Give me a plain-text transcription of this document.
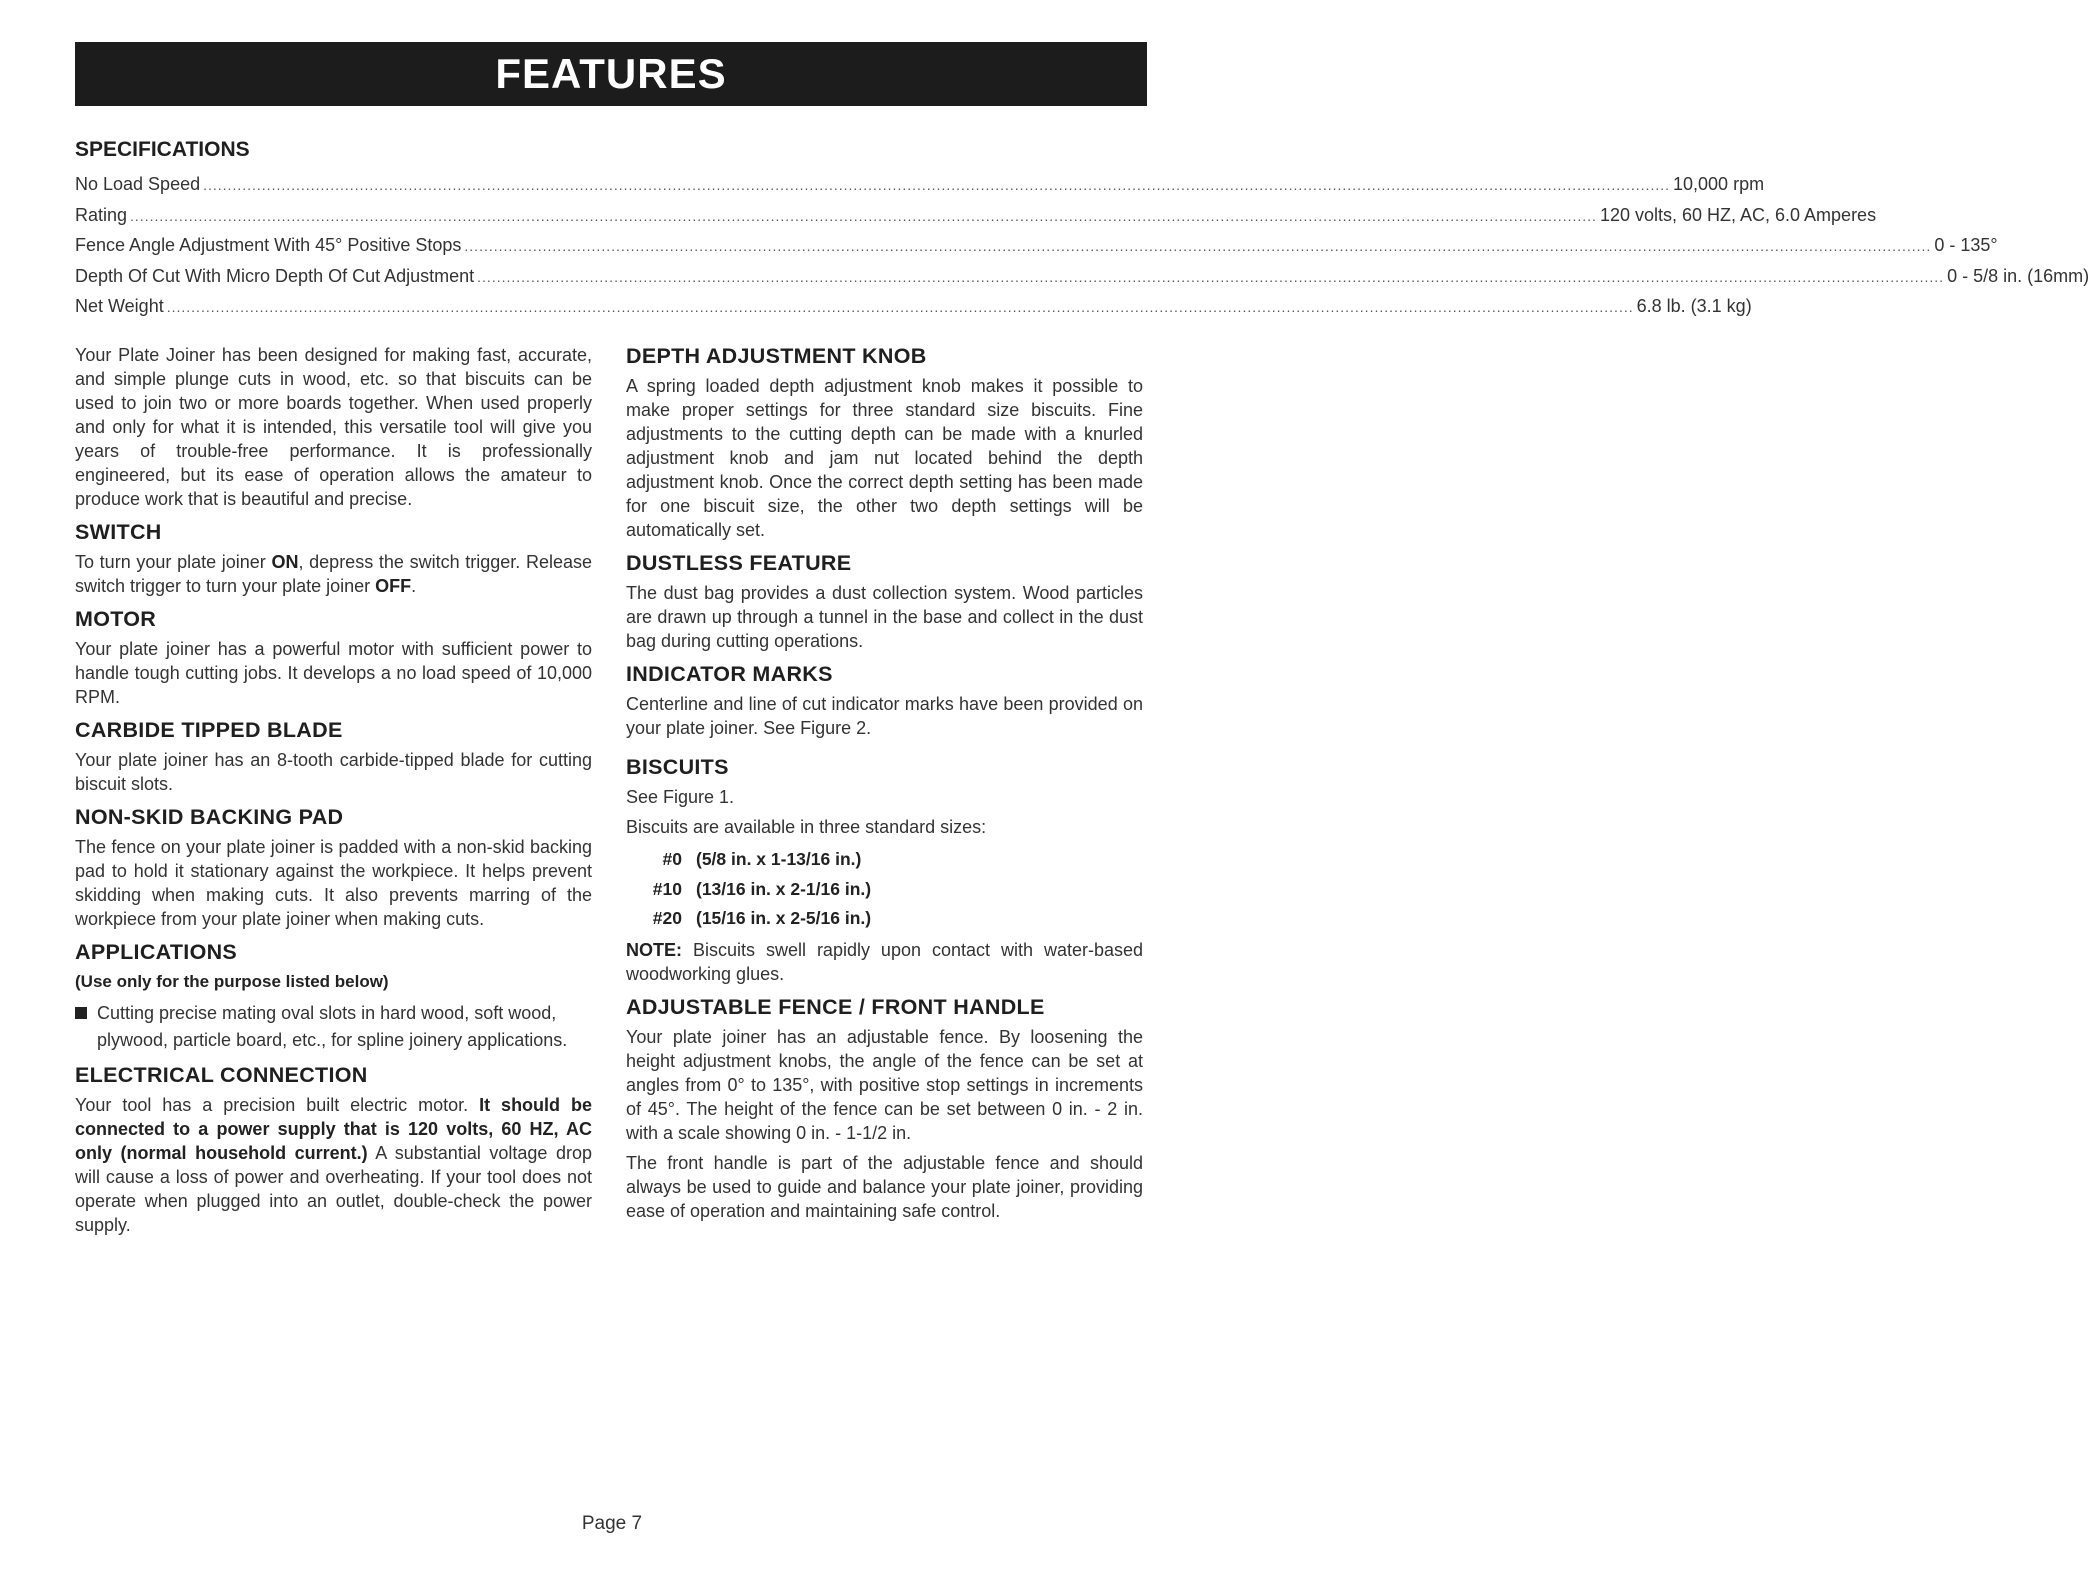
FEATURES
SPECIFICATIONS
No Load Speed ............................................................................................................................................................................................................................................................................................................ 10,000 rpm
Rating ............................................................................................................................................................................................................................................................................................................ 120 volts, 60 HZ, AC, 6.0 Amperes
Fence Angle Adjustment With 45° Positive Stops ............................................................................................................................................................................................................................................................................................................ 0 - 135°
Depth Of Cut With Micro Depth Of Cut Adjustment ............................................................................................................................................................................................................................................................................................................ 0 - 5/8 in. (16mm)
Net Weight ............................................................................................................................................................................................................................................................................................................ 6.8 lb. (3.1 kg)

Your Plate Joiner has been designed for making fast, accurate, and simple plunge cuts in wood, etc. so that biscuits can be used to join two or more boards together. When used properly and only for what it is intended, this versatile tool will give you years of trouble-free performance. It is professionally engineered, but its ease of operation allows the amateur to produce work that is beautiful and precise.

SWITCH

To turn your plate joiner ON, depress the switch trigger. Release switch trigger to turn your plate joiner OFF.

MOTOR

Your plate joiner has a powerful motor with sufficient power to handle tough cutting jobs. It develops a no load speed of 10,000 RPM.

CARBIDE TIPPED BLADE

Your plate joiner has an 8-tooth carbide-tipped blade for cutting biscuit slots.

NON-SKID BACKING PAD

The fence on your plate joiner is padded with a non-skid backing pad to hold it stationary against the workpiece. It helps prevent skidding when making cuts. It also prevents marring of the workpiece from your plate joiner when making cuts.

APPLICATIONS
(Use only for the purpose listed below)
Cutting precise mating oval slots in hard wood, soft wood, plywood, particle board, etc., for spline joinery applications.
ELECTRICAL CONNECTION

Your tool has a precision built electric motor. It should be connected to a power supply that is 120 volts, 60 HZ, AC only (normal household current.) A substantial voltage drop will cause a loss of power and overheating. If your tool does not operate when plugged into an outlet, double-check the power supply.

DEPTH ADJUSTMENT KNOB

A spring loaded depth adjustment knob makes it possible to make proper settings for three standard size biscuits. Fine adjustments to the cutting depth can be made with a knurled adjustment knob and jam nut located behind the depth adjustment knob. Once the correct depth setting has been made for one biscuit size, the other two depth settings will be automatically set.

DUSTLESS FEATURE

The dust bag provides a dust collection system. Wood particles are drawn up through a tunnel in the base and collect in the dust bag during cutting operations.

INDICATOR MARKS

Centerline and line of cut indicator marks have been provided on your plate joiner. See Figure 2.

BISCUITS

See Figure 1.

Biscuits are available in three standard sizes:

#0 (5/8 in. x 1-13/16 in.)
#10 (13/16 in. x 2-1/16 in.)
#20 (15/16 in. x 2-5/16 in.)

NOTE: Biscuits swell rapidly upon contact with water-based woodworking glues.

ADJUSTABLE FENCE / FRONT HANDLE

Your plate joiner has an adjustable fence. By loosening the height adjustment knobs, the angle of the fence can be set at angles from 0° to 135°, with positive stop settings in increments of 45°. The height of the fence can be set between 0 in. - 2 in. with a scale showing 0 in. - 1-1/2 in.

The front handle is part of the adjustable fence and should always be used to guide and balance your plate joiner, providing ease of operation and maintaining safe control.

Page 7
